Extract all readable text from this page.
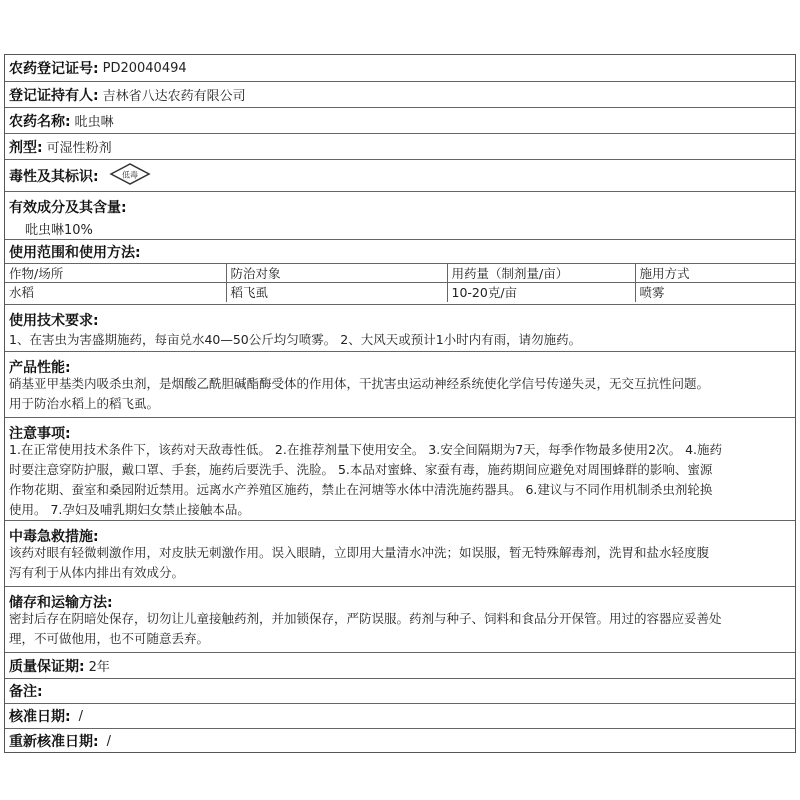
农药登记证号: PD20040494
登记证持有人: 吉林省八达农药有限公司
农药名称: 吡虫啉
剂型: 可湿性粉剂
毒性及其标识:	低毒
有效成分及其含量:
吡虫啉10%
使用范围和使用方法:
作物/场所	防治对象	用药量（制剂量/亩）	施用方式
水稻	稻飞虱	10-20克/亩	喷雾
使用技术要求:
1、在害虫为害盛期施药，每亩兑水40—50公斤均匀喷雾。 2、大风天或预计1小时内有雨，请勿施药。
产品性能:
硝基亚甲基类内吸杀虫剂，是烟酸乙酰胆碱酯酶受体的作用体，干扰害虫运动神经系统使化学信号传递失灵，无交互抗性问题。
用于防治水稻上的稻飞虱。
注意事项:
1.在正常使用技术条件下，该药对天敌毒性低。 2.在推荐剂量下使用安全。 3.安全间隔期为7天，每季作物最多使用2次。 4.施药
时要注意穿防护服，戴口罩、手套，施药后要洗手、洗脸。 5.本品对蜜蜂、家蚕有毒，施药期间应避免对周围蜂群的影响、蜜源
作物花期、蚕室和桑园附近禁用。远离水产养殖区施药，禁止在河塘等水体中清洗施药器具。 6.建议与不同作用机制杀虫剂轮换
使用。 7.孕妇及哺乳期妇女禁止接触本品。
中毒急救措施:
该药对眼有轻微刺激作用，对皮肤无刺激作用。误入眼睛，立即用大量清水冲洗；如误服，暂无特殊解毒剂，洗胃和盐水轻度腹
泻有利于从体内排出有效成分。
储存和运输方法:
密封后存在阴暗处保存，切勿让儿童接触药剂，并加锁保存，严防误服。药剂与种子、饲料和食品分开保管。用过的容器应妥善处
理，不可做他用，也不可随意丢弃。
质量保证期: 2年
备注:
核准日期: /
重新核准日期: /
